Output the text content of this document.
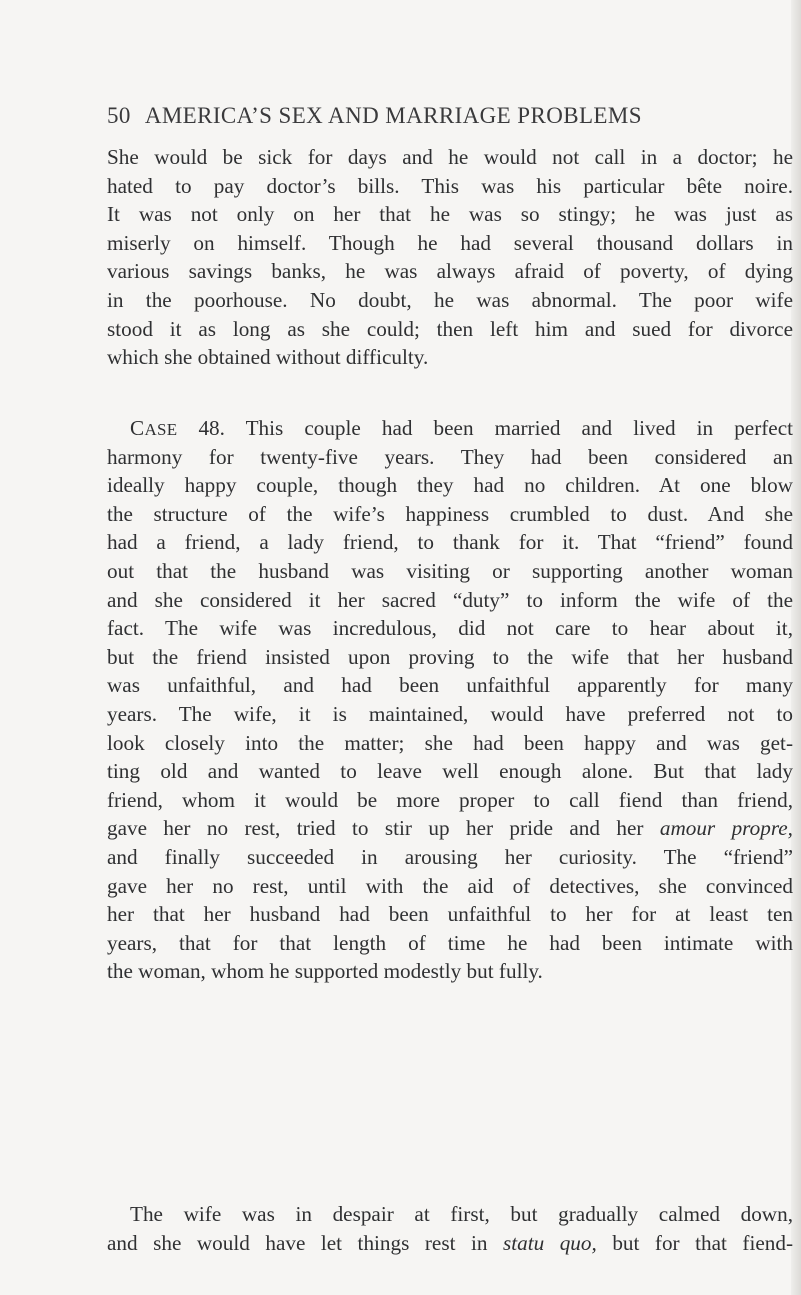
50 AMERICA’S SEX AND MARRIAGE PROBLEMS
She would be sick for days and he would not call in a doctor; he
hated to pay doctor’s bills. This was his particular bête noire.
It was not only on her that he was so stingy; he was just as
miserly on himself. Though he had several thousand dollars in
various savings banks, he was always afraid of poverty, of dying
in the poorhouse. No doubt, he was abnormal. The poor wife
stood it as long as she could; then left him and sued for divorce
which she obtained without difficulty.
CASE 48. This couple had been married and lived in perfect
harmony for twenty-five years. They had been considered an
ideally happy couple, though they had no children. At one blow
the structure of the wife’s happiness crumbled to dust. And she
had a friend, a lady friend, to thank for it. That “friend” found
out that the husband was visiting or supporting another woman
and she considered it her sacred “duty” to inform the wife of the
fact. The wife was incredulous, did not care to hear about it,
but the friend insisted upon proving to the wife that her husband
was unfaithful, and had been unfaithful apparently for many
years. The wife, it is maintained, would have preferred not to
look closely into the matter; she had been happy and was get-
ting old and wanted to leave well enough alone. But that lady
friend, whom it would be more proper to call fiend than friend,
gave her no rest, tried to stir up her pride and her amour propre,
and finally succeeded in arousing her curiosity. The “friend”
gave her no rest, until with the aid of detectives, she convinced
her that her husband had been unfaithful to her for at least ten
years, that for that length of time he had been intimate with
the woman, whom he supported modestly but fully.
The wife was in despair at first, but gradually calmed down,
and she would have let things rest in statu quo, but for that fiend-
